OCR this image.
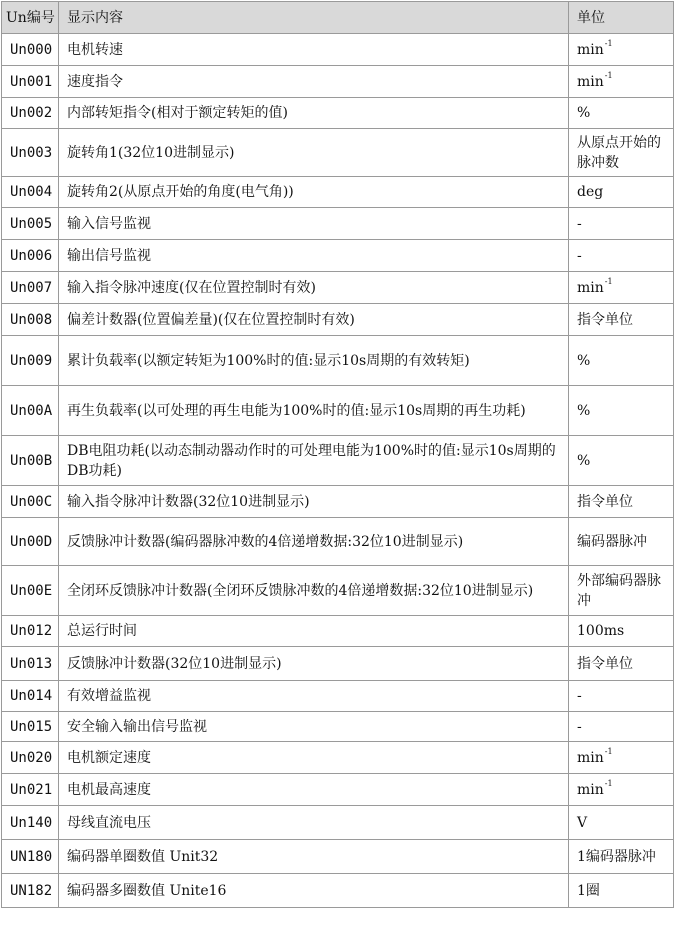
Un编号	显示内容	单位
Un000	电机转速	$\min^{-1}$
Un001	速度指令	$\min^{-1}$
Un002	内部转矩指令(相对于额定转矩的值)	%
Un003	旋转角1(32位10进制显示)	从原点开始的脉冲数
Un004	旋转角2(从原点开始的角度(电气角))	deg
Un005	输入信号监视	-
Un006	输出信号监视	-
Un007	输入指令脉冲速度(仅在位置控制时有效)	$\min^{-1}$
Un008	偏差计数器(位置偏差量)(仅在位置控制时有效)	指令单位
Un009	累计负载率(以额定转矩为100%时的值:显示10s周期的有效转矩)	%
Un00A	再生负载率(以可处理的再生电能为100%时的值:显示10s周期的再生功耗)	%
Un00B	DB电阻功耗(以动态制动器动作时的可处理电能为100%时的值:显示10s周期的DB功耗)	%
Un00C	输入指令脉冲计数器(32位10进制显示)	指令单位
Un00D	反馈脉冲计数器(编码器脉冲数的4倍递增数据:32位10进制显示)	编码器脉冲
Un00E	全闭环反馈脉冲计数器(全闭环反馈脉冲数的4倍递增数据:32位10进制显示)	外部编码器脉冲
Un012	总运行时间	100ms
Un013	反馈脉冲计数器(32位10进制显示)	指令单位
Un014	有效增益监视	-
Un015	安全输入输出信号监视	-
Un020	电机额定速度	$\min^{-1}$
Un021	电机最高速度	$\min^{-1}$
Un140	母线直流电压	V
UN180	编码器单圈数值 Unit32	1编码器脉冲
UN182	编码器多圈数值 Unite16	1圈
